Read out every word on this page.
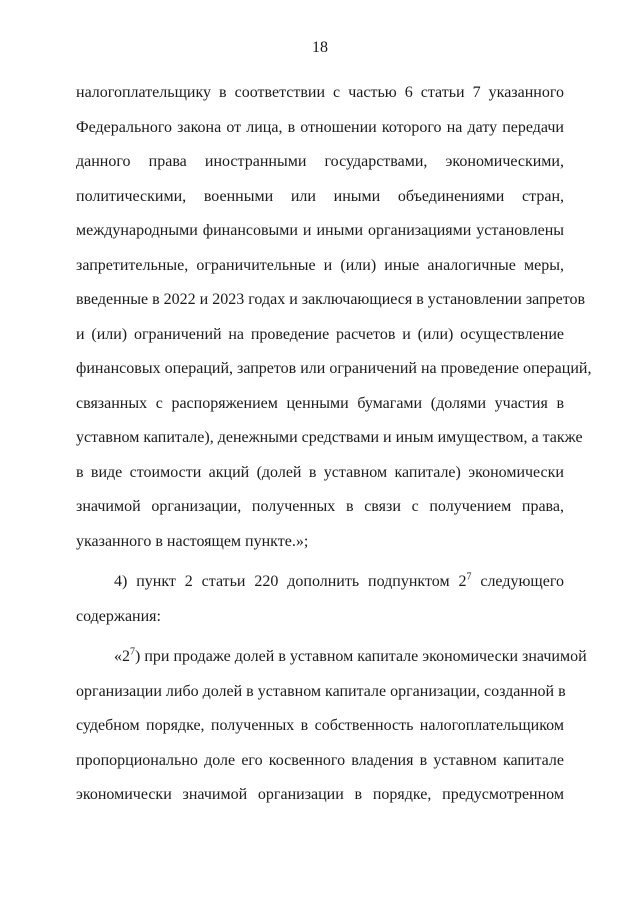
18
налогоплательщику в соответствии с частью 6 статьи 7 указанного
Федерального закона от лица, в отношении которого на дату передачи
данного права иностранными государствами, экономическими,
политическими, военными или иными объединениями стран,
международными финансовыми и иными организациями установлены
запретительные, ограничительные и (или) иные аналогичные меры,
введенные в 2022 и 2023 годах и заключающиеся в установлении запретов
и (или) ограничений на проведение расчетов и (или) осуществление
финансовых операций, запретов или ограничений на проведение операций,
связанных с распоряжением ценными бумагами (долями участия в
уставном капитале), денежными средствами и иным имуществом, а также
в виде стоимости акций (долей в уставном капитале) экономически
значимой организации, полученных в связи с получением права,
указанного в настоящем пункте.»;
4) пункт 2 статьи 220 дополнить подпунктом $2^7$ следующего
содержания:
«$2^7$) при продаже долей в уставном капитале экономически значимой
организации либо долей в уставном капитале организации, созданной в
судебном порядке, полученных в собственность налогоплательщиком
пропорционально доле его косвенного владения в уставном капитале
экономически значимой организации в порядке, предусмотренном
